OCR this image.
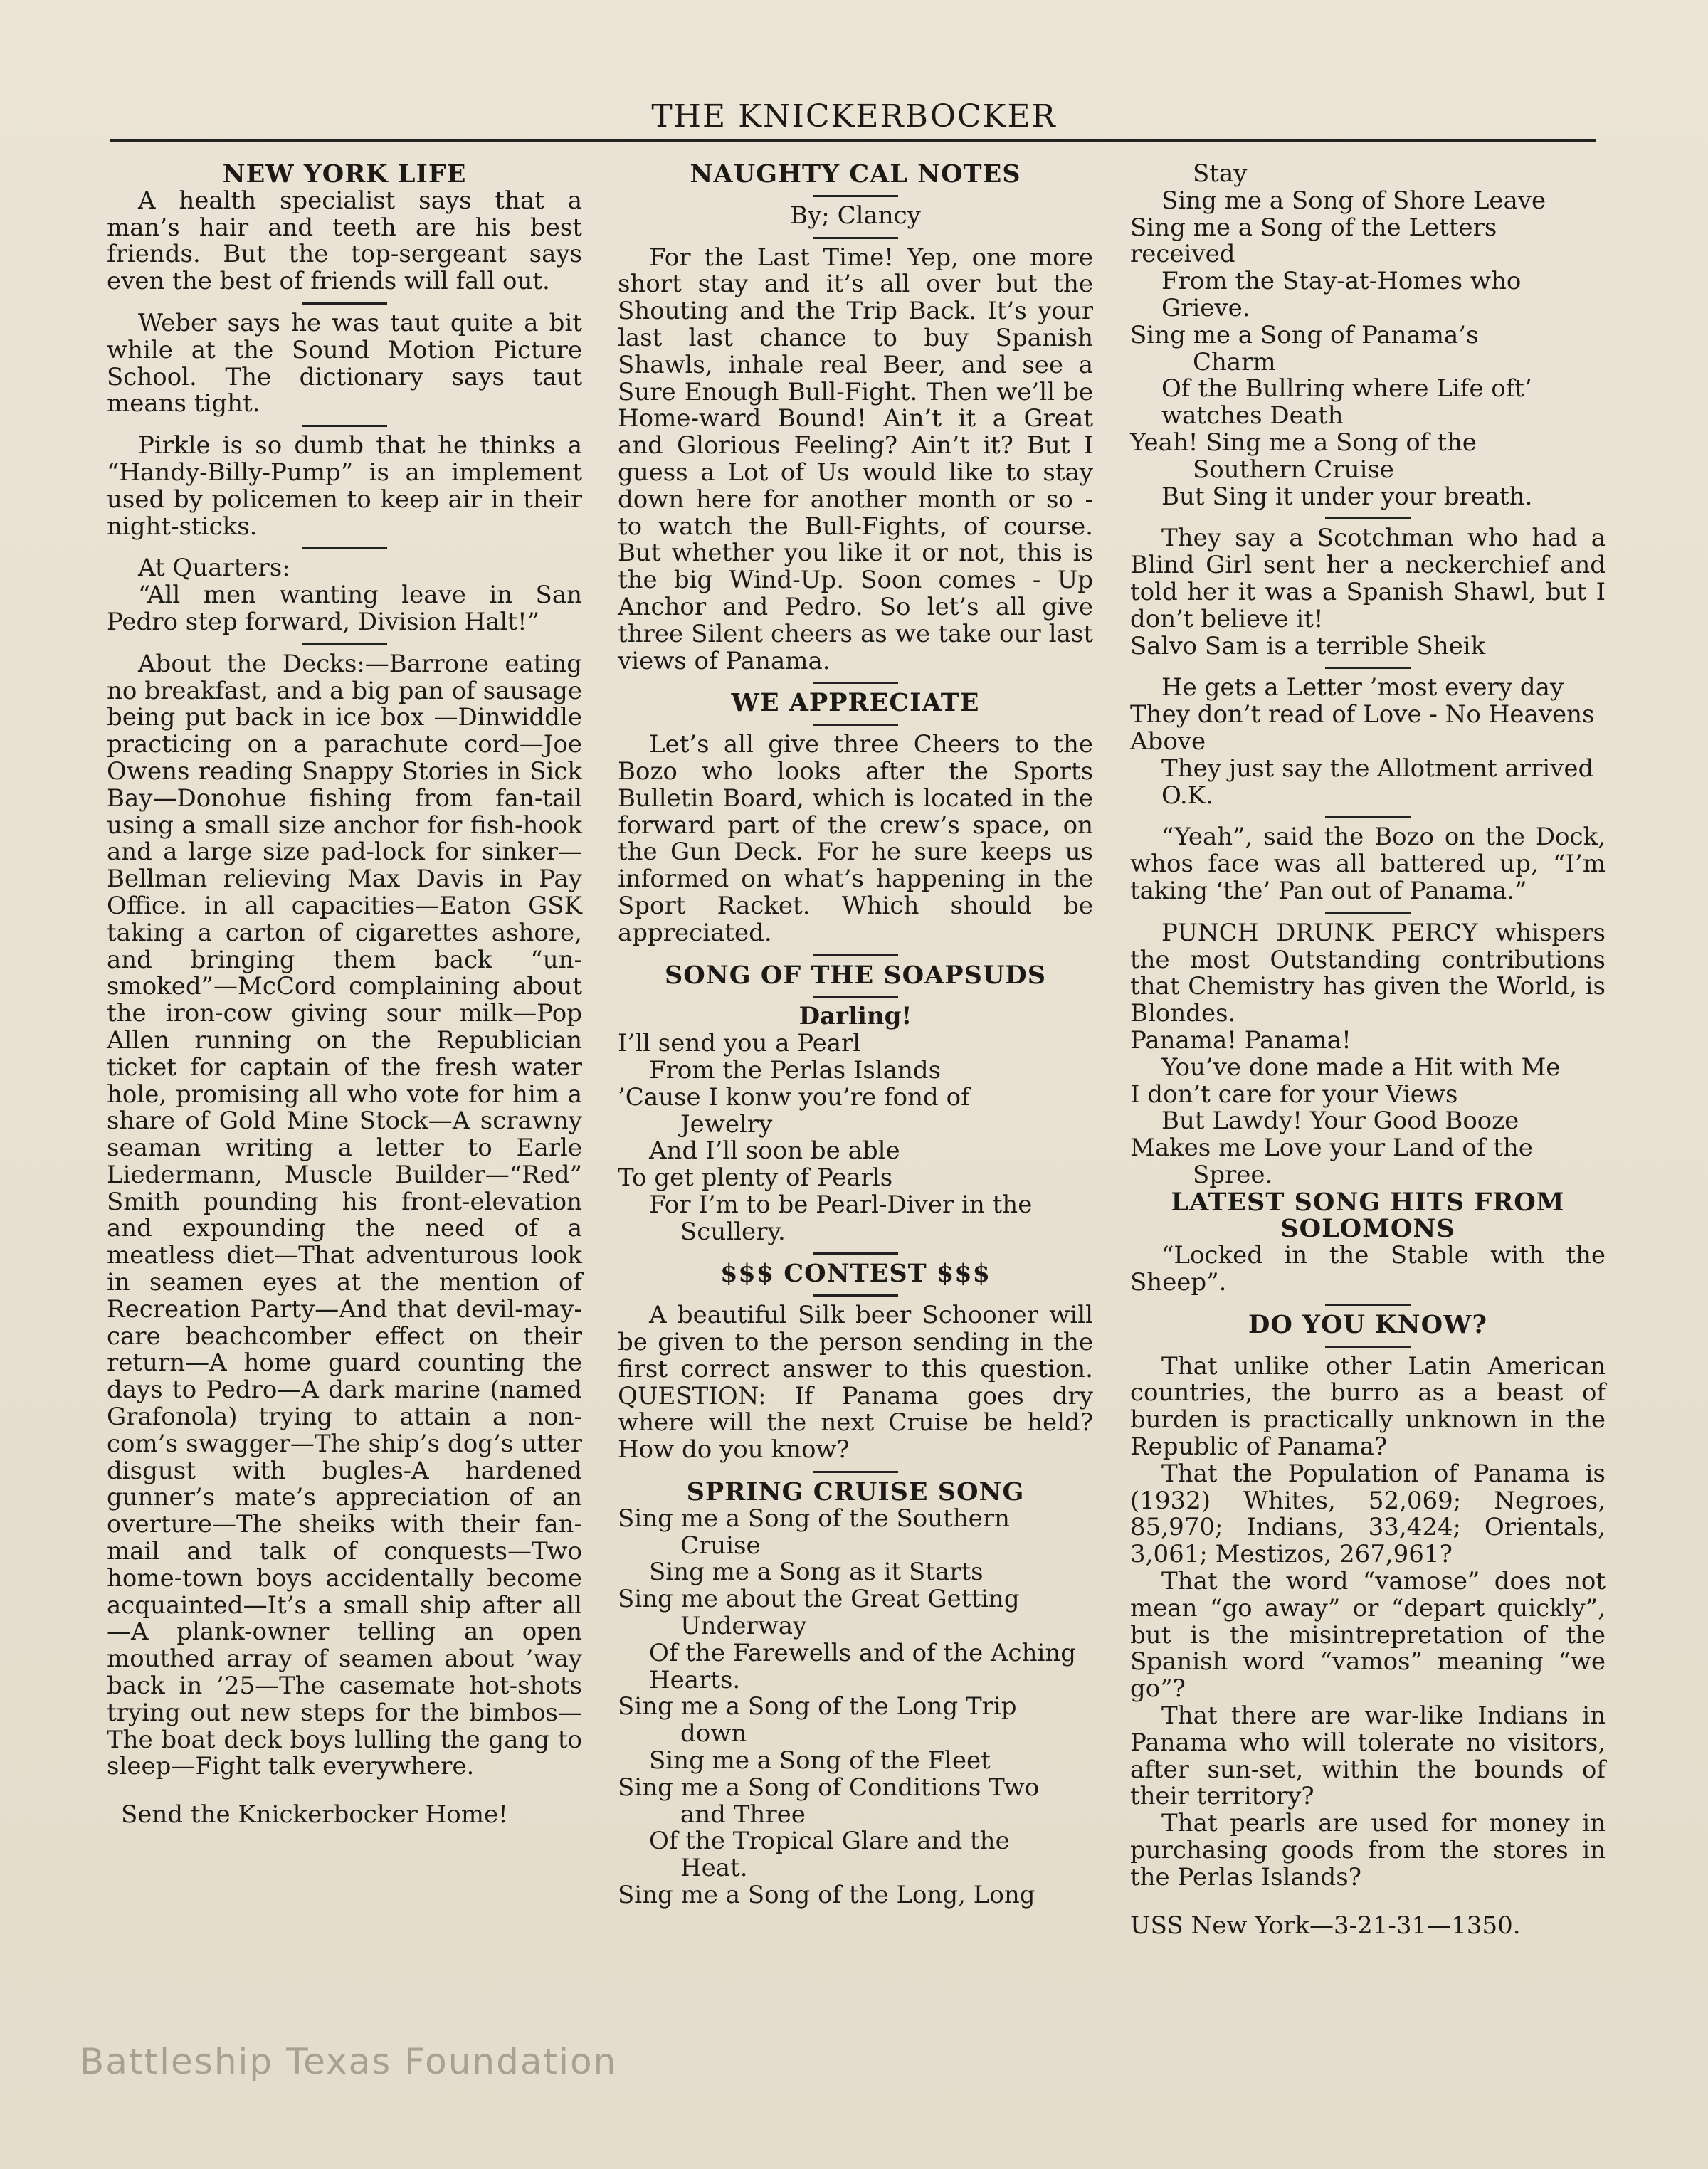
THE KNICKERBOCKER

NEW YORK LIFE

A health specialist says that a man’s hair and teeth are his best friends. But the top-sergeant says even the best of friends will fall out.

Weber says he was taut quite a bit while at the Sound Motion Picture School. The dictionary says taut means tight.

Pirkle is so dumb that he thinks a “Handy-Billy-Pump” is an implement used by policemen to keep air in their night-sticks.

At Quarters:

“All men wanting leave in San Pedro step forward, Division Halt!”

About the Decks:—Barrone eating no breakfast, and a big pan of sausage being put back in ice box —Dinwiddle practicing on a parachute cord—Joe Owens reading Snappy Stories in Sick Bay—Donohue fishing from fan-tail using a small size anchor for fish-hook and a large size pad-lock for sinker—Bellman relieving Max Davis in Pay Office. in all capacities—Eaton GSK taking a carton of cigarettes ashore, and bringing them back “un-smoked”—McCord complaining about the iron-cow giving sour milk—Pop Allen running on the Republician ticket for captain of the fresh water hole, promising all who vote for him a share of Gold Mine Stock—A scrawny seaman writing a letter to Earle Liedermann, Muscle Builder—“Red” Smith pounding his front-elevation and expounding the need of a meatless diet—That adventurous look in seamen eyes at the mention of Recreation Party—And that devil-may-care beachcomber effect on their return—A home guard counting the days to Pedro—A dark marine (named Grafonola) trying to attain a non-com’s swagger—The ship’s dog’s utter disgust with bugles-A hardened gunner’s mate’s appreciation of an overture—The sheiks with their fan-mail and talk of conquests—Two home-town boys accidentally become acquainted—It’s a small ship after all—A plank-owner telling an open mouthed array of seamen about ’way back in ’25—The casemate hot-shots trying out new steps for the bimbos—The boat deck boys lulling the gang to sleep—Fight talk everywhere.

Send the Knickerbocker Home!

NAUGHTY CAL NOTES

By; Clancy

For the Last Time! Yep, one more short stay and it’s all over but the Shouting and the Trip Back. It’s your last last chance to buy Spanish Shawls, inhale real Beer, and see a Sure Enough Bull-Fight. Then we’ll be Home-ward Bound! Ain’t it a Great and Glorious Feeling? Ain’t it? But I guess a Lot of Us would like to stay down here for another month or so - to watch the Bull-Fights, of course. But whether you like it or not, this is the big Wind-Up. Soon comes - Up Anchor and Pedro. So let’s all give three Silent cheers as we take our last views of Panama.

WE APPRECIATE

Let’s all give three Cheers to the Bozo who looks after the Sports Bulletin Board, which is located in the forward part of the crew’s space, on the Gun Deck. For he sure keeps us informed on what’s happening in the Sport Racket. Which should be appreciated.

SONG OF THE SOAPSUDS

Darling!

I’ll send you a Pearl

From the Perlas Islands

’Cause I konw you’re fond of

Jewelry

And I’ll soon be able

To get plenty of Pearls

For I’m to be Pearl-Diver in the

Scullery.

$$$ CONTEST $$$

A beautiful Silk beer Schooner will be given to the person sending in the first correct answer to this question. QUESTION: If Panama goes dry where will the next Cruise be held? How do you know?

SPRING CRUISE SONG

Sing me a Song of the Southern

Cruise

Sing me a Song as it Starts

Sing me about the Great Getting

Underway

Of the Farewells and of the Aching Hearts.

Sing me a Song of the Long Trip

down

Sing me a Song of the Fleet

Sing me a Song of Conditions Two

and Three

Of the Tropical Glare and the

Heat.

Sing me a Song of the Long, Long

Stay

Sing me a Song of Shore Leave

Sing me a Song of the Letters received

From the Stay-at-Homes who Grieve.

Sing me a Song of Panama’s

Charm

Of the Bullring where Life oft’ watches Death

Yeah! Sing me a Song of the

Southern Cruise

But Sing it under your breath.

They say a Scotchman who had a Blind Girl sent her a neckerchief and told her it was a Spanish Shawl, but I don’t believe it!

Salvo Sam is a terrible Sheik

He gets a Letter ’most every day

They don’t read of Love - No Heavens Above

They just say the Allotment arrived O.K.

“Yeah”, said the Bozo on the Dock, whos face was all battered up, “I’m taking ‘the’ Pan out of Panama.”

PUNCH DRUNK PERCY whispers the most Outstanding contributions that Chemistry has given the World, is Blondes.

Panama! Panama!

You’ve done made a Hit with Me

I don’t care for your Views

But Lawdy! Your Good Booze

Makes me Love your Land of the

Spree.

LATEST SONG HITS FROM SOLOMONS

“Locked in the Stable with the Sheep”.

DO YOU KNOW?

That unlike other Latin American countries, the burro as a beast of burden is practically unknown in the Republic of Panama?

That the Population of Panama is (1932) Whites, 52,069; Negroes, 85,970; Indians, 33,424; Orientals, 3,061; Mestizos, 267,961?

That the word “vamose” does not mean “go away” or “depart quickly”, but is the misintrepretation of the Spanish word “vamos” meaning “we go”?

That there are war-like Indians in Panama who will tolerate no visitors, after sun-set, within the bounds of their territory?

That pearls are used for money in purchasing goods from the stores in the Perlas Islands?

USS New York—3-21-31—1350.

Battleship Texas Foundation
